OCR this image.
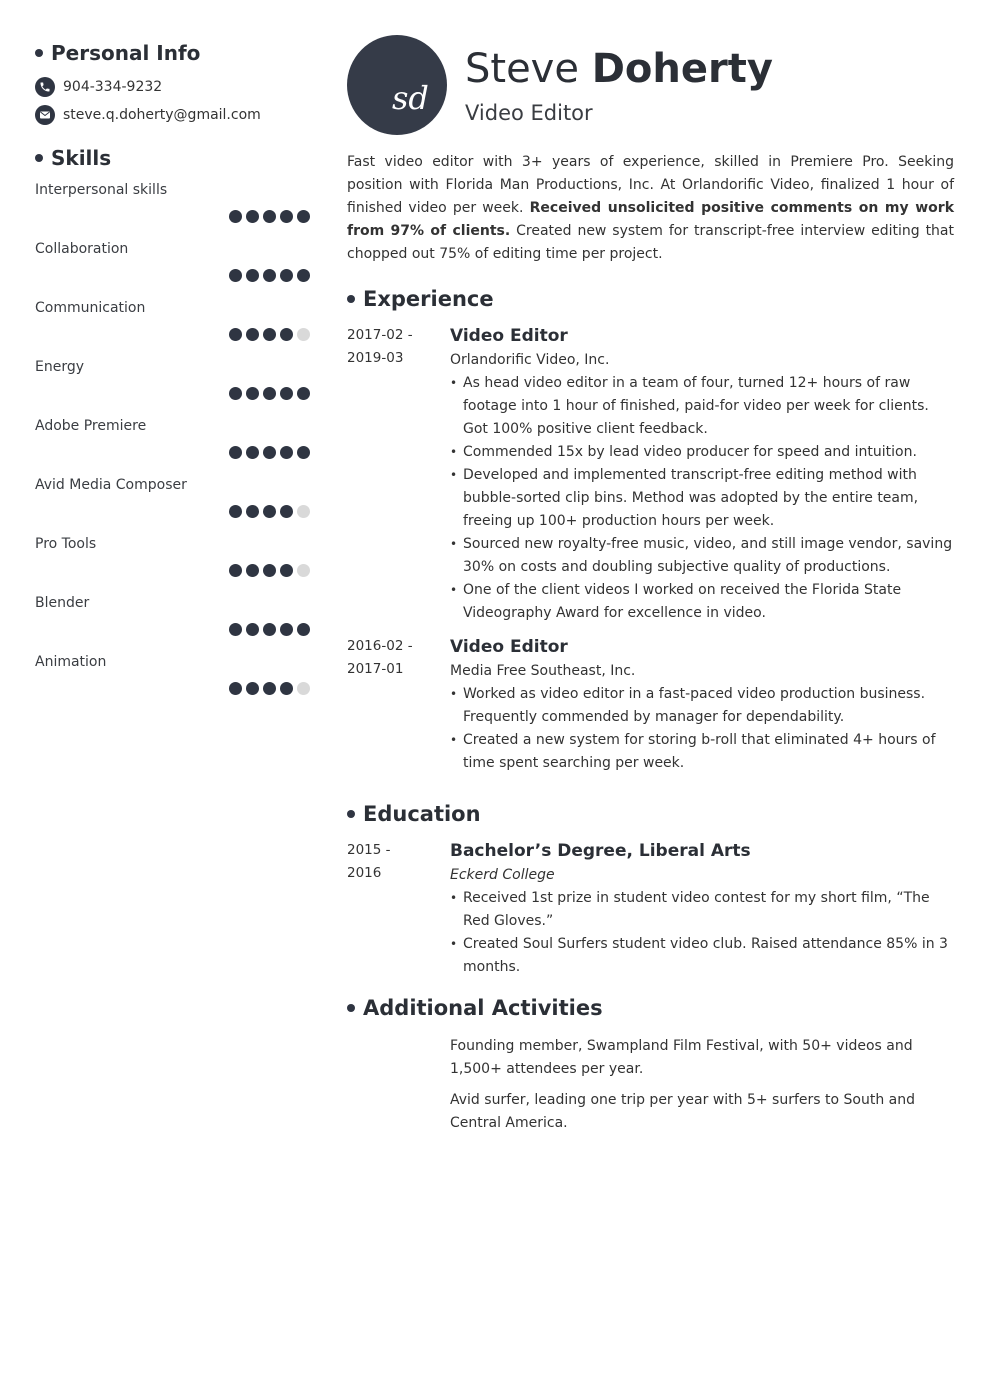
Personal Info
904-334-9232
steve.q.doherty@gmail.com
Skills
Interpersonal skills
Collaboration
Communication
Energy
Adobe Premiere
Avid Media Composer
Pro Tools
Blender
Animation
sd
Steve Doherty
Video Editor
Fast video editor with 3+ years of experience, skilled in Premiere Pro. Seeking position with Florida Man Productions, Inc. At Orlandorific Video, finalized 1 hour of finished video per week. Received unsolicited positive comments on my work from 97% of clients. Created new system for transcript-free interview editing that chopped out 75% of editing time per project.
Experience
2017-02 -
2019-03
Video Editor
Orlandorific Video, Inc.
• As head video editor in a team of four, turned 12+ hours of raw footage into 1 hour of finished, paid-for video per week for clients. Got 100% positive client feedback.
• Commended 15x by lead video producer for speed and intuition.
• Developed and implemented transcript-free editing method with bubble-sorted clip bins. Method was adopted by the entire team, freeing up 100+ production hours per week.
• Sourced new royalty-free music, video, and still image vendor, saving 30% on costs and doubling subjective quality of productions.
• One of the client videos I worked on received the Florida State Videography Award for excellence in video.
2016-02 -
2017-01
Video Editor
Media Free Southeast, Inc.
• Worked as video editor in a fast-paced video production business. Frequently commended by manager for dependability.
• Created a new system for storing b-roll that eliminated 4+ hours of time spent searching per week.
Education
2015 -
2016
Bachelor’s Degree, Liberal Arts
Eckerd College
• Received 1st prize in student video contest for my short film, “The Red Gloves.”
• Created Soul Surfers student video club. Raised attendance 85% in 3 months.
Additional Activities

Founding member, Swampland Film Festival, with 50+ videos and 1,500+ attendees per year.

Avid surfer, leading one trip per year with 5+ surfers to South and Central America.
